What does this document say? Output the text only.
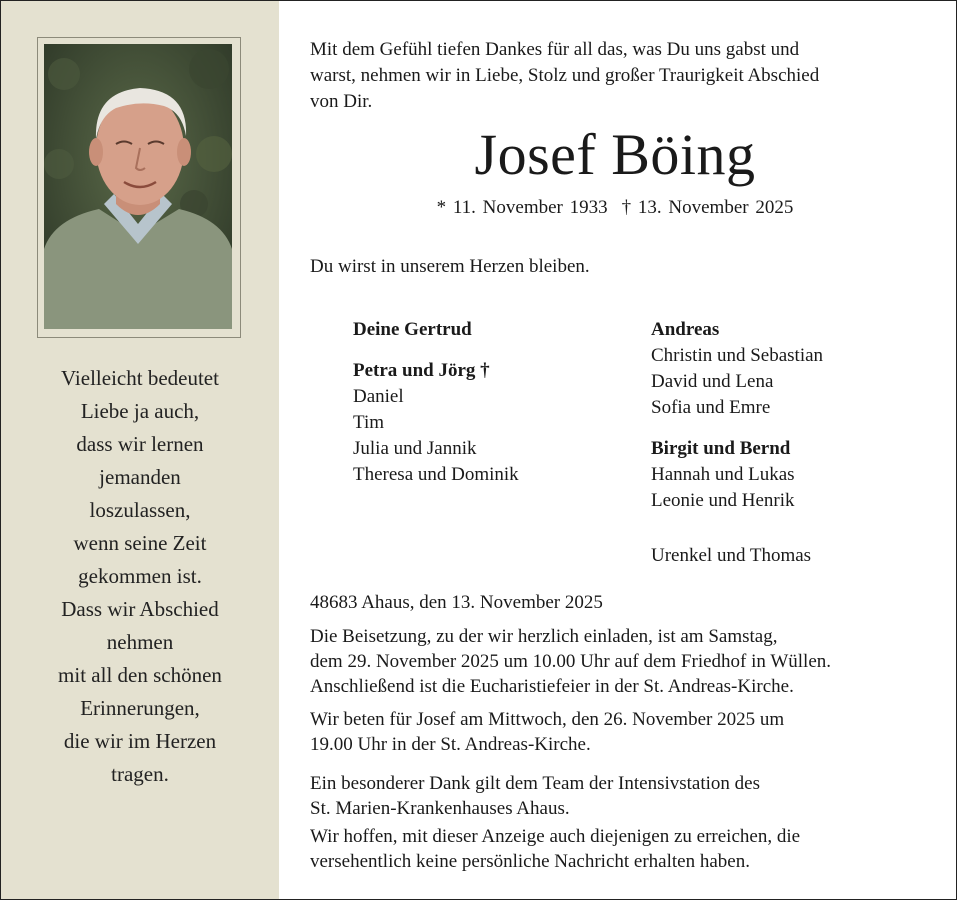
Vielleicht bedeutet
Liebe ja auch,
dass wir lernen
jemanden
loszulassen,
wenn seine Zeit
gekommen ist.
Dass wir Abschied
nehmen
mit all den schönen
Erinnerungen,
die wir im Herzen
tragen.
Mit dem Gefühl tiefen Dankes für all das, was Du uns gabst und
warst, nehmen wir in Liebe, Stolz und großer Traurigkeit Abschied
von Dir.
Josef Böing
* 11. November 1933 † 13. November 2025
Du wirst in unserem Herzen bleiben.
Deine Gertrud
Petra und Jörg †
Daniel
Tim
Julia und Jannik
Theresa und Dominik
Andreas
Christin und Sebastian
David und Lena
Sofia und Emre
Birgit und Bernd
Hannah und Lukas
Leonie und Henrik
Urenkel und Thomas
48683 Ahaus, den 13. November 2025
Die Beisetzung, zu der wir herzlich einladen, ist am Samstag,
dem 29. November 2025 um 10.00 Uhr auf dem Friedhof in Wüllen.
Anschließend ist die Eucharistiefeier in der St. Andreas-Kirche.
Wir beten für Josef am Mittwoch, den 26. November 2025 um
19.00 Uhr in der St. Andreas-Kirche.
Ein besonderer Dank gilt dem Team der Intensivstation des
St. Marien-Krankenhauses Ahaus.
Wir hoffen, mit dieser Anzeige auch diejenigen zu erreichen, die
versehentlich keine persönliche Nachricht erhalten haben.
